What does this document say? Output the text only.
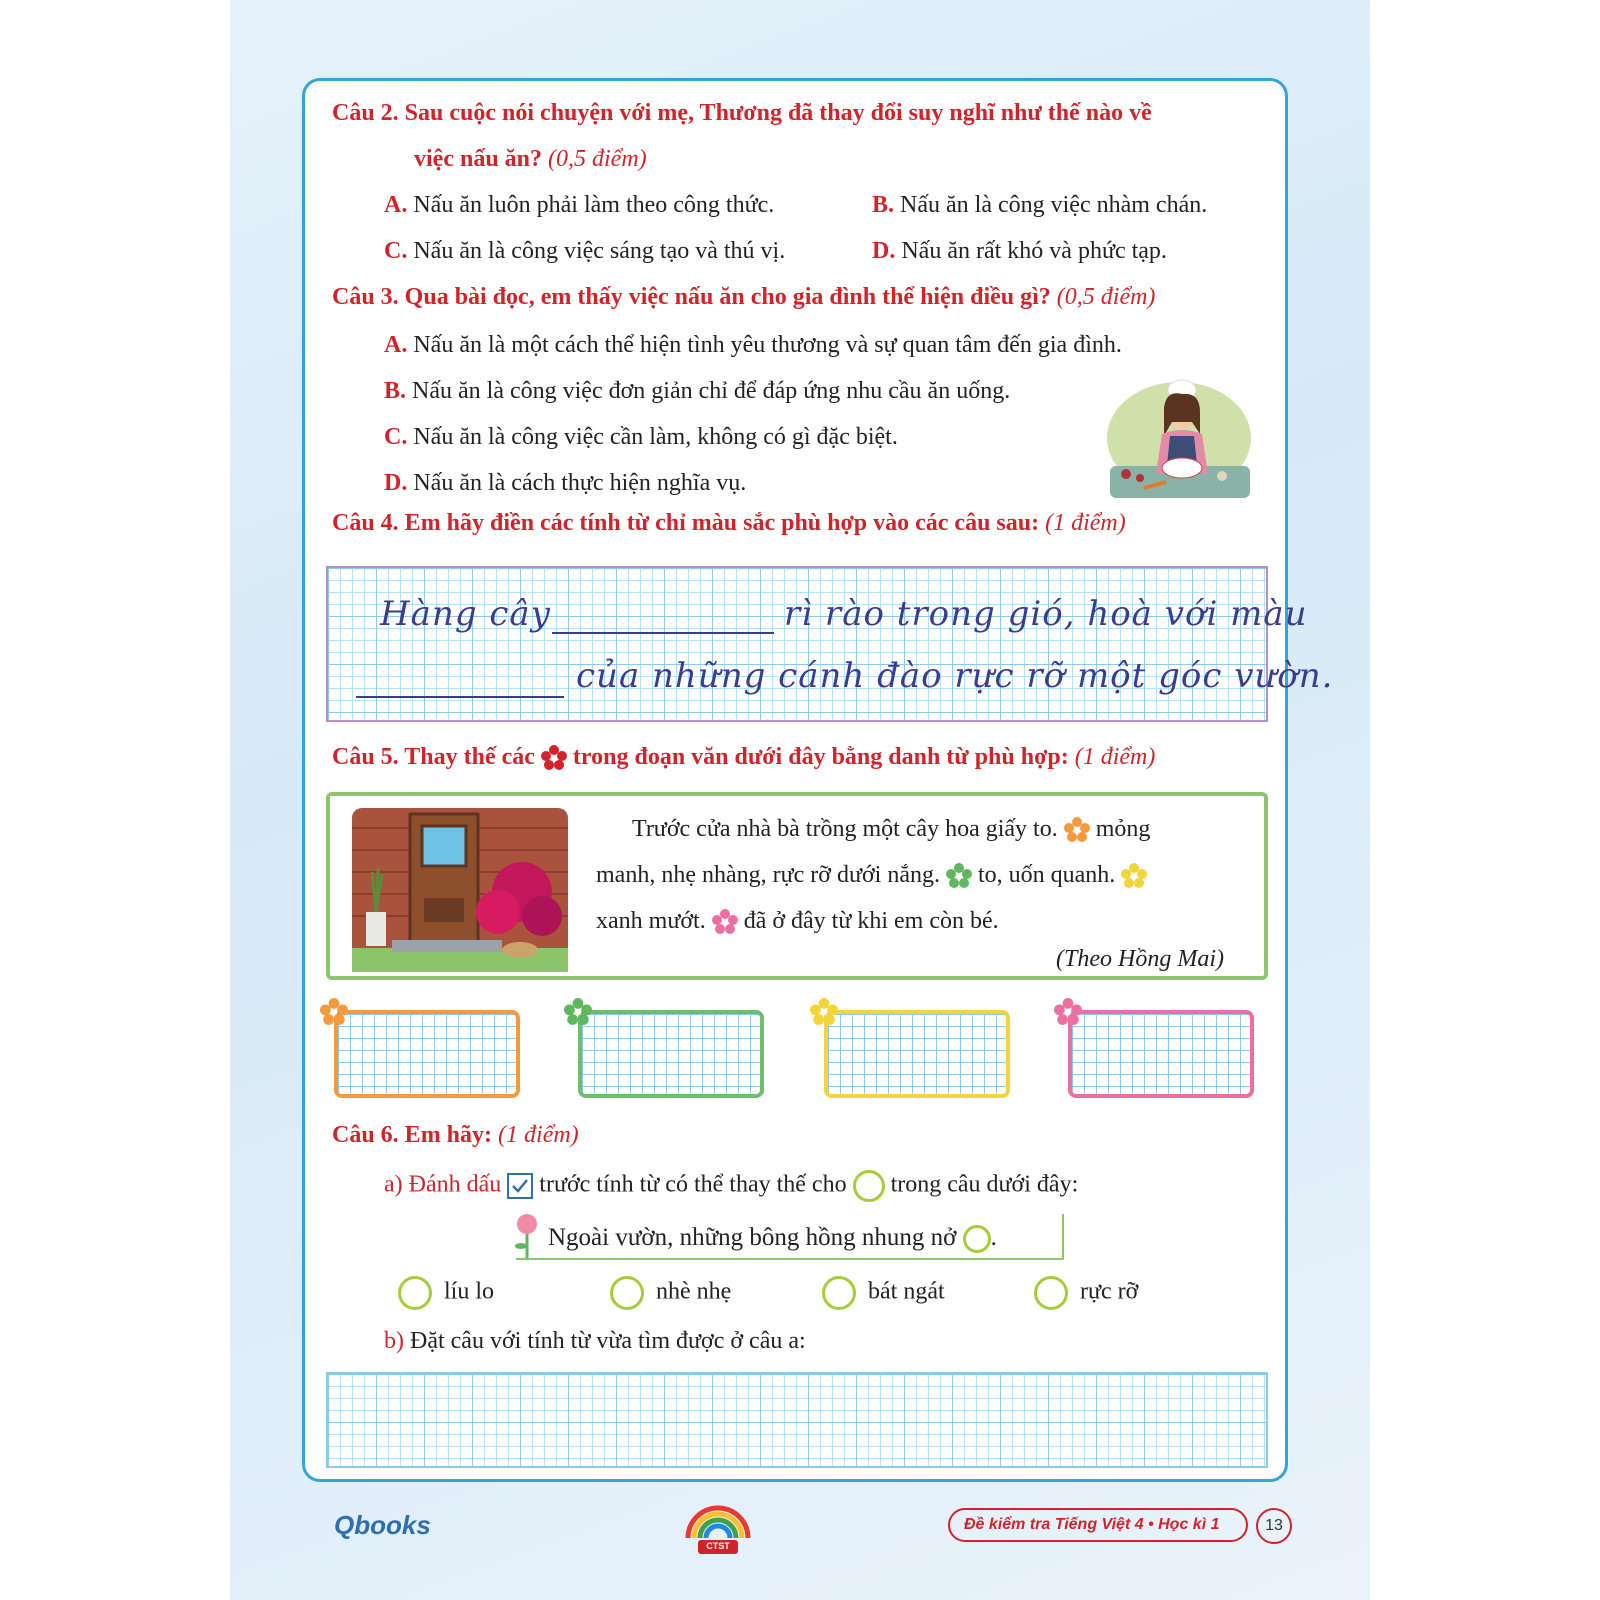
Câu 2. Sau cuộc nói chuyện với mẹ, Thương đã thay đổi suy nghĩ như thế nào về
việc nấu ăn? (0,5 điểm)
A. Nấu ăn luôn phải làm theo công thức.	B. Nấu ăn là công việc nhàm chán.
C. Nấu ăn là công việc sáng tạo và thú vị.	D. Nấu ăn rất khó và phức tạp.
Câu 3. Qua bài đọc, em thấy việc nấu ăn cho gia đình thể hiện điều gì? (0,5 điểm)
A. Nấu ăn là một cách thể hiện tình yêu thương và sự quan tâm đến gia đình.
B. Nấu ăn là công việc đơn giản chỉ để đáp ứng nhu cầu ăn uống.
C. Nấu ăn là công việc cần làm, không có gì đặc biệt.
D. Nấu ăn là cách thực hiện nghĩa vụ.
Câu 4. Em hãy điền các tính từ chỉ màu sắc phù hợp vào các câu sau: (1 điểm)
Hàng cây	rì rào trong gió, hoà với màu
của những cánh đào rực rỡ một góc vườn.
Câu 5. Thay thế các trong đoạn văn dưới đây bằng danh từ phù hợp: (1 điểm)
Trước cửa nhà bà trồng một cây hoa giấy to. mỏng
manh, nhẹ nhàng, rực rỡ dưới nắng. to, uốn quanh.
xanh mướt. đã ở đây từ khi em còn bé.
(Theo Hồng Mai)
Câu 6. Em hãy: (1 điểm)
a) Đánh dấu trước tính từ có thể thay thế cho trong câu dưới đây:
Ngoài vườn, những bông hồng nhung nở .
líu lo	nhè nhẹ	bát ngát	rực rỡ
b) Đặt câu với tính từ vừa tìm được ở câu a:
Qbooks
CTST
Đề kiểm tra Tiếng Việt 4 • Học kì 1	13
